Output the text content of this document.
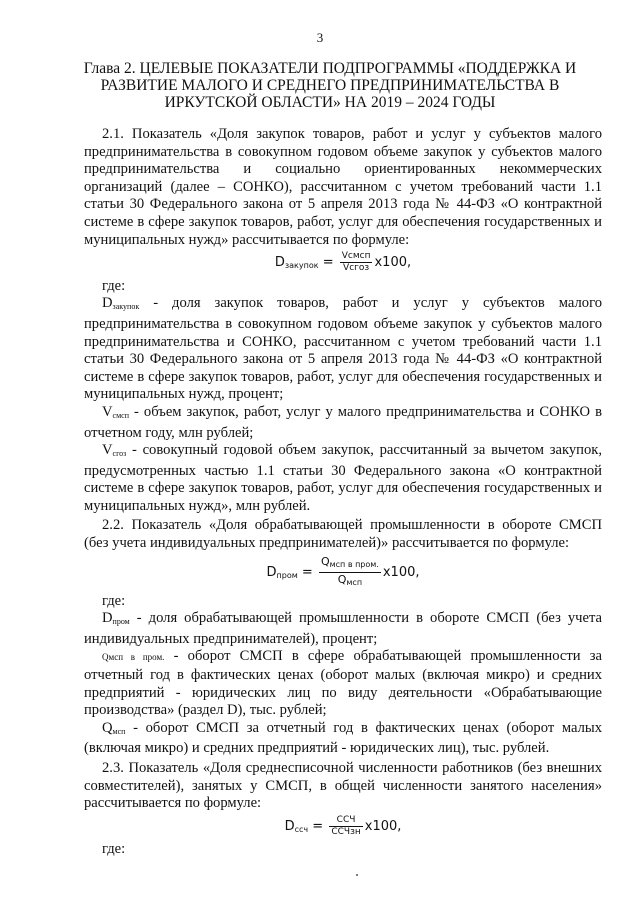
3
Глава 2. ЦЕЛЕВЫЕ ПОКАЗАТЕЛИ ПОДПРОГРАММЫ «ПОДДЕРЖКА И РАЗВИТИЕ МАЛОГО И СРЕДНЕГО ПРЕДПРИНИМАТЕЛЬСТВА В ИРКУТСКОЙ ОБЛАСТИ» НА 2019 – 2024 ГОДЫ

2.1. Показатель «Доля закупок товаров, работ и услуг у субъектов малого предпринимательства в совокупном годовом объеме закупок у субъектов малого предпринимательства и социально ориентированных некоммерческих организаций (далее – СОНКО), рассчитанном с учетом требований части 1.1 статьи 30 Федерального закона от 5 апреля 2013 года № 44-ФЗ «О контрактной системе в сфере закупок товаров, работ, услуг для обеспечения государственных и муниципальных нужд» рассчитывается по формуле:

$D_{закупок} = \frac{\text{Vсмсп}}{\text{Vсгоз}} x100$,

где:

$D_{закупок}$ - доля закупок товаров, работ и услуг у субъектов малого предпринимательства в совокупном годовом объеме закупок у субъектов малого предпринимательства и СОНКО, рассчитанном с учетом требований части 1.1 статьи 30 Федерального закона от 5 апреля 2013 года № 44-ФЗ «О контрактной системе в сфере закупок товаров, работ, услуг для обеспечения государственных и муниципальных нужд, процент;

$V_{смсп}$ - объем закупок, работ, услуг у малого предпринимательства и СОНКО в отчетном году, млн рублей;

$V_{сгоз}$ - совокупный годовой объем закупок, рассчитанный за вычетом закупок, предусмотренных частью 1.1 статьи 30 Федерального закона «О контрактной системе в сфере закупок товаров, работ, услуг для обеспечения государственных и муниципальных нужд», млн рублей.

2.2. Показатель «Доля обрабатывающей промышленности в обороте СМСП (без учета индивидуальных предпринимателей)» рассчитывается по формуле:

$D_{пром} = \frac{Q_{мсп в пром.}}{Q_{мсп}} x100$,

где:

$D_{пром}$ - доля обрабатывающей промышленности в обороте СМСП (без учета индивидуальных предпринимателей), процент;

Qмсп в пром. - оборот СМСП в сфере обрабатывающей промышленности за отчетный год в фактических ценах (оборот малых (включая микро) и средних предприятий - юридических лиц по виду деятельности «Обрабатывающие производства» (раздел D), тыс. рублей;

$Q_{мсп}$ - оборот СМСП за отчетный год в фактических ценах (оборот малых (включая микро) и средних предприятий - юридических лиц), тыс. рублей.

2.3. Показатель «Доля среднесписочной численности работников (без внешних совместителей), занятых у СМСП, в общей численности занятого населения» рассчитывается по формуле:

$D_{ссч} = \frac{\text{ССЧ}}{\text{ССЧзн}} x100$,

где:
